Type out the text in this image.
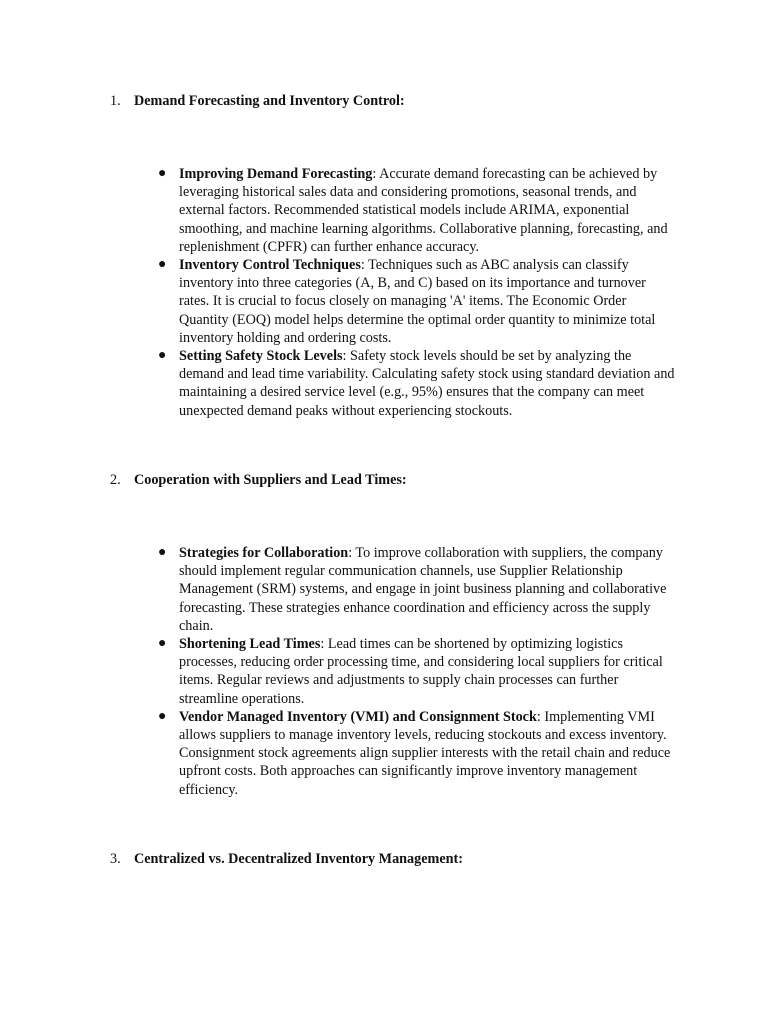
1. Demand Forecasting and Inventory Control:
● Improving Demand Forecasting: Accurate demand forecasting can be achieved by leveraging historical sales data and considering promotions, seasonal trends, and external factors. Recommended statistical models include ARIMA, exponential smoothing, and machine learning algorithms. Collaborative planning, forecasting, and replenishment (CPFR) can further enhance accuracy.
● Inventory Control Techniques: Techniques such as ABC analysis can classify inventory into three categories (A, B, and C) based on its importance and turnover rates. It is crucial to focus closely on managing 'A' items. The Economic Order Quantity (EOQ) model helps determine the optimal order quantity to minimize total inventory holding and ordering costs.
● Setting Safety Stock Levels: Safety stock levels should be set by analyzing the demand and lead time variability. Calculating safety stock using standard deviation and maintaining a desired service level (e.g., 95%) ensures that the company can meet unexpected demand peaks without experiencing stockouts.
2. Cooperation with Suppliers and Lead Times:
● Strategies for Collaboration: To improve collaboration with suppliers, the company should implement regular communication channels, use Supplier Relationship Management (SRM) systems, and engage in joint business planning and collaborative forecasting. These strategies enhance coordination and efficiency across the supply chain.
● Shortening Lead Times: Lead times can be shortened by optimizing logistics processes, reducing order processing time, and considering local suppliers for critical items. Regular reviews and adjustments to supply chain processes can further streamline operations.
● Vendor Managed Inventory (VMI) and Consignment Stock: Implementing VMI allows suppliers to manage inventory levels, reducing stockouts and excess inventory. Consignment stock agreements align supplier interests with the retail chain and reduce upfront costs. Both approaches can significantly improve inventory management efficiency.
3. Centralized vs. Decentralized Inventory Management:
